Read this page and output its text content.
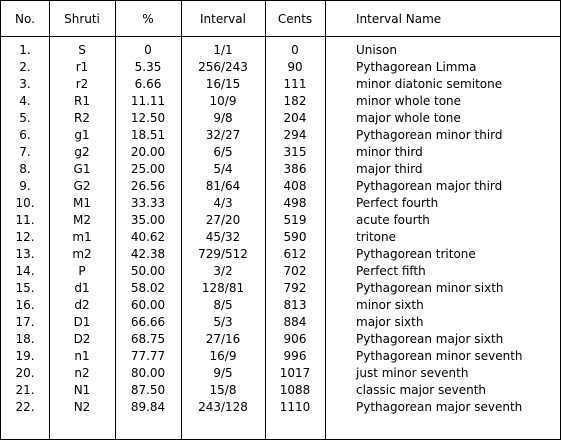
No.	Shruti	%	Interval	Cents	Interval Name
1.	S	0	1/1	0	Unison
2.	r1	5.35	256/243	90	Pythagorean Limma
3.	r2	6.66	16/15	111	minor diatonic semitone
4.	R1	11.11	10/9	182	minor whole tone
5.	R2	12.50	9/8	204	major whole tone
6.	g1	18.51	32/27	294	Pythagorean minor third
7.	g2	20.00	6/5	315	minor third
8.	G1	25.00	5/4	386	major third
9.	G2	26.56	81/64	408	Pythagorean major third
10.	M1	33.33	4/3	498	Perfect fourth
11.	M2	35.00	27/20	519	acute fourth
12.	m1	40.62	45/32	590	tritone
13.	m2	42.38	729/512	612	Pythagorean tritone
14.	P	50.00	3/2	702	Perfect fifth
15.	d1	58.02	128/81	792	Pythagorean minor sixth
16.	d2	60.00	8/5	813	minor sixth
17.	D1	66.66	5/3	884	major sixth
18.	D2	68.75	27/16	906	Pythagorean major sixth
19.	n1	77.77	16/9	996	Pythagorean minor seventh
20.	n2	80.00	9/5	1017	just minor seventh
21.	N1	87.50	15/8	1088	classic major seventh
22.	N2	89.84	243/128	1110	Pythagorean major seventh
